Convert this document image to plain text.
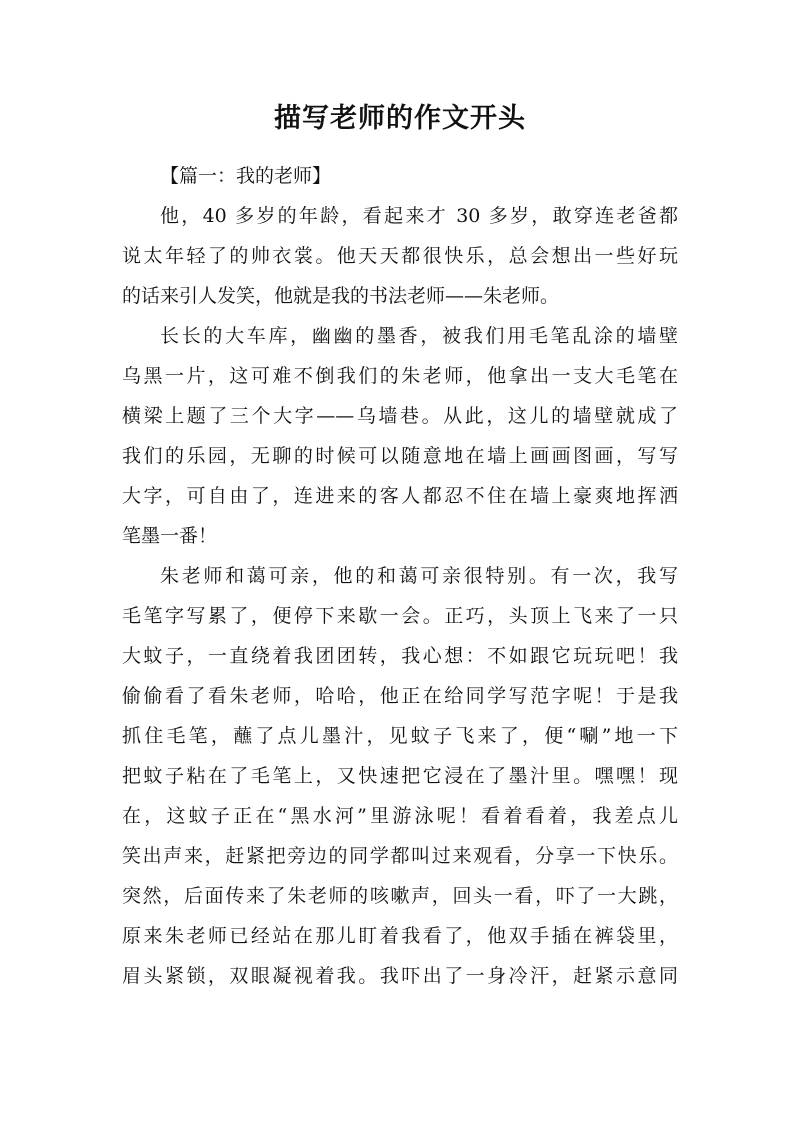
描写老师的作文开头
【篇一：我的老师】

他，40 多岁的年龄，看起来才 30 多岁，敢穿连老爸都
说太年轻了的帅衣裳。他天天都很快乐，总会想出一些好玩
的话来引人发笑，他就是我的书法老师——朱老师。

长长的大车库，幽幽的墨香，被我们用毛笔乱涂的墙壁
乌黑一片，这可难不倒我们的朱老师，他拿出一支大毛笔在
横梁上题了三个大字——乌墙巷。从此，这儿的墙壁就成了
我们的乐园，无聊的时候可以随意地在墙上画画图画，写写
大字，可自由了，连进来的客人都忍不住在墙上豪爽地挥洒
笔墨一番！

朱老师和蔼可亲，他的和蔼可亲很特别。有一次，我写
毛笔字写累了，便停下来歇一会。正巧，头顶上飞来了一只
大蚊子，一直绕着我团团转，我心想：不如跟它玩玩吧！我
偷偷看了看朱老师，哈哈，他正在给同学写范字呢！于是我
抓住毛笔，蘸了点儿墨汁，见蚊子飞来了，便“唰”地一下
把蚊子粘在了毛笔上，又快速把它浸在了墨汁里。嘿嘿！现
在，这蚊子正在“黑水河”里游泳呢！看着看着，我差点儿
笑出声来，赶紧把旁边的同学都叫过来观看，分享一下快乐。
突然，后面传来了朱老师的咳嗽声，回头一看，吓了一大跳，
原来朱老师已经站在那儿盯着我看了，他双手插在裤袋里，
眉头紧锁，双眼凝视着我。我吓出了一身冷汗，赶紧示意同
